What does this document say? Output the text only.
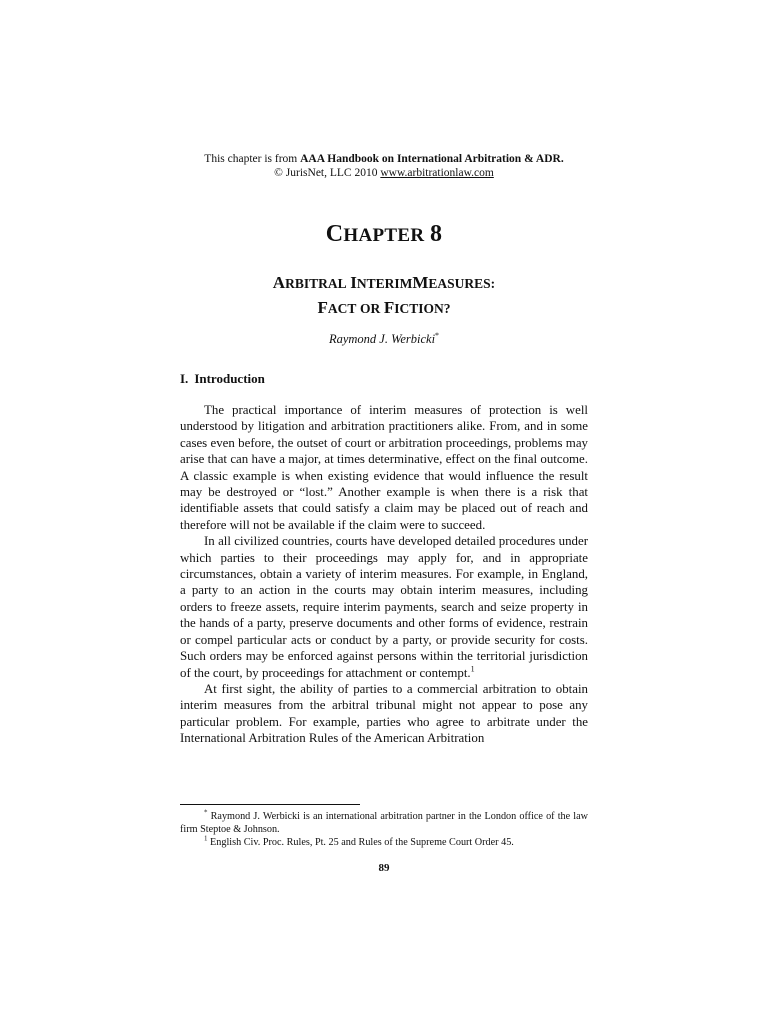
This chapter is from AAA Handbook on International Arbitration & ADR.
© JurisNet, LLC 2010 www.arbitrationlaw.com
CHAPTER 8
ARBITRAL INTERIMMEASURES:
FACT OR FICTION?
Raymond J. Werbicki*
I. Introduction

The practical importance of interim measures of protection is well understood by litigation and arbitration practitioners alike. From, and in some cases even before, the outset of court or arbitration proceedings, problems may arise that can have a major, at times determinative, effect on the final outcome. A classic example is when existing evidence that would influence the result may be destroyed or “lost.” Another example is when there is a risk that identifiable assets that could satisfy a claim may be placed out of reach and therefore will not be available if the claim were to succeed.

In all civilized countries, courts have developed detailed procedures under which parties to their proceedings may apply for, and in appropriate circumstances, obtain a variety of interim measures. For example, in England, a party to an action in the courts may obtain interim measures, including orders to freeze assets, require interim payments, search and seize property in the hands of a party, preserve documents and other forms of evidence, restrain or compel particular acts or conduct by a party, or provide security for costs. Such orders may be enforced against persons within the territorial jurisdiction of the court, by proceedings for attachment or contempt.$^1$

At first sight, the ability of parties to a commercial arbitration to obtain interim measures from the arbitral tribunal might not appear to pose any particular problem. For example, parties who agree to arbitrate under the International Arbitration Rules of the American Arbitration

* Raymond J. Werbicki is an international arbitration partner in the London office of the law firm Steptoe & Johnson.

$^1$ English Civ. Proc. Rules, Pt. 25 and Rules of the Supreme Court Order 45.

89
